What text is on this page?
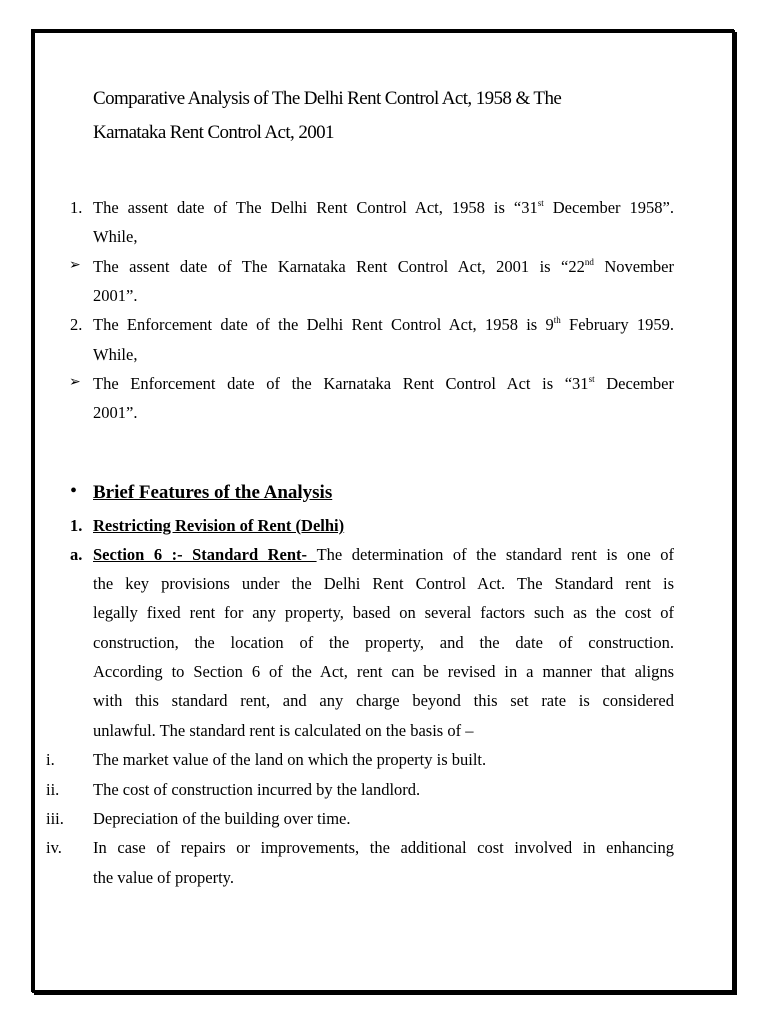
Comparative Analysis of The Delhi Rent Control Act, 1958 & The
Karnataka Rent Control Act, 2001
1. The assent date of The Delhi Rent Control Act, 1958 is “31st December 1958”.
While,
➢ The assent date of The Karnataka Rent Control Act, 2001 is “22nd November
2001”.
2. The Enforcement date of the Delhi Rent Control Act, 1958 is 9th February 1959.
While,
➢ The Enforcement date of the Karnataka Rent Control Act is “31st December
2001”.
• Brief Features of the Analysis
1. Restricting Revision of Rent (Delhi)
a. Section 6 :- Standard Rent- The determination of the standard rent is one of
the key provisions under the Delhi Rent Control Act. The Standard rent is
legally fixed rent for any property, based on several factors such as the cost of
construction, the location of the property, and the date of construction.
According to Section 6 of the Act, rent can be revised in a manner that aligns
with this standard rent, and any charge beyond this set rate is considered
unlawful. The standard rent is calculated on the basis of –
i. The market value of the land on which the property is built.
ii. The cost of construction incurred by the landlord.
iii. Depreciation of the building over time.
iv. In case of repairs or improvements, the additional cost involved in enhancing
the value of property.
